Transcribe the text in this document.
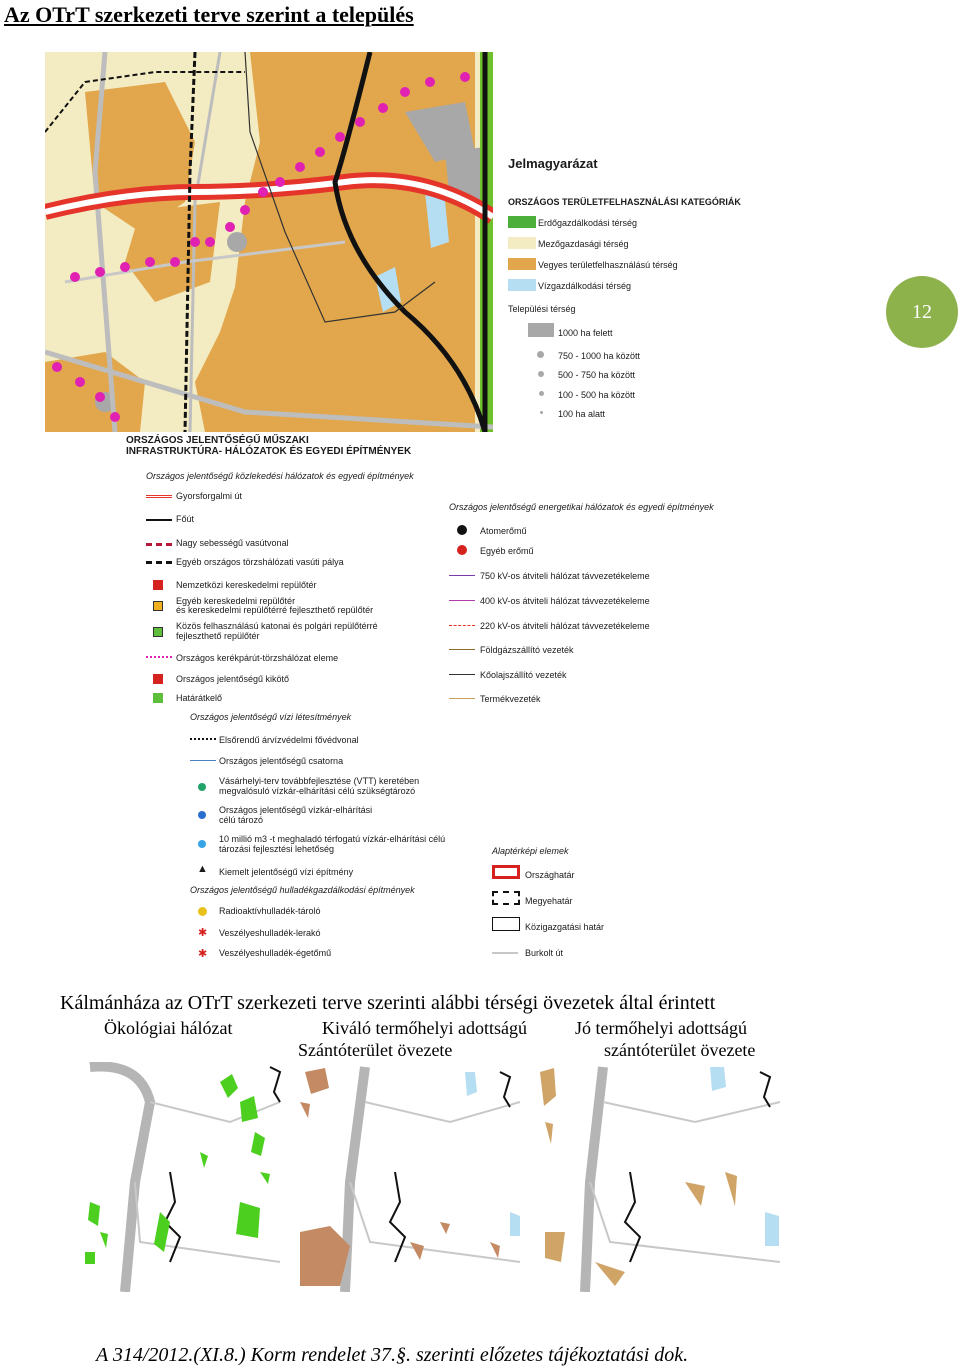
Az OTrT szerkezeti terve szerint a település
12
Jelmagyarázat
ORSZÁGOS TERÜLETFELHASZNÁLÁSI KATEGÓRIÁK
Erdőgazdálkodási térség
Mezőgazdasági térség
Vegyes területfelhasználású térség
Vízgazdálkodási térség
Települési térség
1000 ha felett
750 - 1000 ha között
500 - 750 ha között
100 - 500 ha között
100 ha alatt
ORSZÁGOS JELENTŐSÉGŰ MŰSZAKI
INFRASTRUKTÚRA- HÁLÓZATOK ÉS EGYEDI ÉPÍTMÉNYEK
Országos jelentőségű közlekedési hálózatok és egyedi építmények
Gyorsforgalmi út
Főút
Nagy sebességű vasútvonal
Egyéb országos törzshálózati vasúti pálya
Nemzetközi kereskedelmi repülőtér
Egyéb kereskedelmi repülőtér
és kereskedelmi repülőtérré fejleszthető repülőtér
Közös felhasználású katonai és polgári repülőtérré
fejleszthető repülőtér
Országos kerékpárút-törzshálózat eleme
Országos jelentőségű kikötő
Határátkelő
Országos jelentőségű vízi létesítmények
Elsőrendű árvízvédelmi fővédvonal
Országos jelentőségű csatorna
Vásárhelyi-terv továbbfejlesztése (VTT) keretében
megvalósuló vízkár-elhárítási célú szükségtározó
Országos jelentőségű vízkár-elhárítási
célú tározó
10 millió m3 -t meghaladó térfogatú vízkár-elhárítási célú
tározási fejlesztési lehetőség
▲ Kiemelt jelentőségű vízi építmény
Országos jelentőségű hulladékgazdálkodási építmények
Radioaktívhulladék-tároló
✱ Veszélyeshulladék-lerakó
✱ Veszélyeshulladék-égetőmű
Országos jelentőségű energetikai hálózatok és egyedi építmények
Atomerőmű
Egyéb erőmű
750 kV-os átviteli hálózat távvezetékeleme
400 kV-os átviteli hálózat távvezetékeleme
220 kV-os átviteli hálózat távvezetékeleme
Földgázszállító vezeték
Kőolajszállító vezeték
Termékvezeték
Alaptérképi elemek
Országhatár
Megyehatár
Közigazgatási határ
Burkolt út
Kálmánháza az OTrT szerkezeti terve szerinti alábbi térségi övezetek által érintett
Ökológiai hálózat	Kiváló termőhelyi adottságú
Szántóterület övezete
Jó termőhelyi adottságú
szántóterület övezete
A 314/2012.(XI.8.) Korm rendelet 37.§. szerinti előzetes tájékoztatási dok.
